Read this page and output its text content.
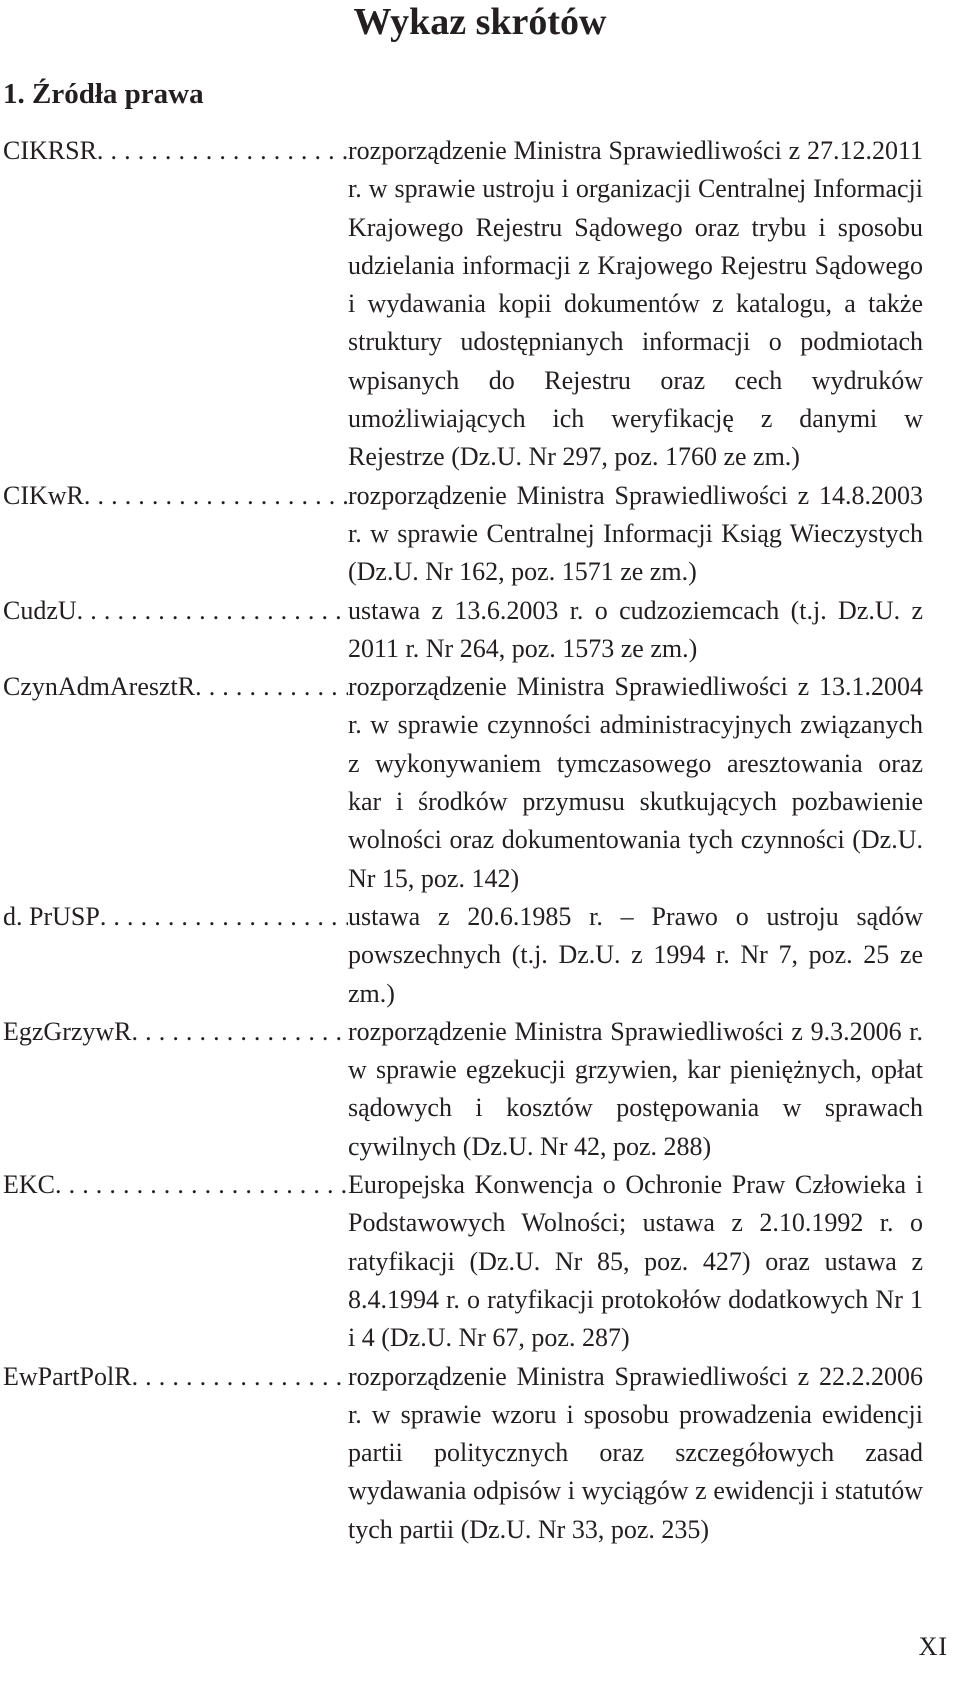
Wykaz skrótów
1. Źródła prawa
CIKRSR . . .	rozporządzenie Ministra Sprawiedliwości z 27.12.2011 r. w sprawie ustroju i organizacji Centralnej Informacji Krajowego Rejestru Sądowego oraz trybu i sposobu udzielania informacji z Krajowego Rejestru Sądowego i wydawania kopii dokumentów z katalogu, a także struktury udostępnianych informacji o podmiotach wpisanych do Rejestru oraz cech wydruków umożliwiających ich weryfikację z danymi w Rejestrze (Dz.U. Nr 297, poz. 1760 ze zm.)
CIKwR . . .	rozporządzenie Ministra Sprawiedliwości z 14.8.2003 r. w sprawie Centralnej Informacji Ksiąg Wieczystych (Dz.U. Nr 162, poz. 1571 ze zm.)
CudzU . . .	ustawa z 13.6.2003 r. o cudzoziemcach (t.j. Dz.U. z 2011 r. Nr 264, poz. 1573 ze zm.)
CzynAdmAresztR . . .	rozporządzenie Ministra Sprawiedliwości z 13.1.2004 r. w sprawie czynności administracyjnych związanych z wykonywaniem tymczasowego aresztowania oraz kar i środków przymusu skutkujących pozbawienie wolności oraz dokumentowania tych czynności (Dz.U. Nr 15, poz. 142)
d. PrUSP . . .	ustawa z 20.6.1985 r. – Prawo o ustroju sądów powszechnych (t.j. Dz.U. z 1994 r. Nr 7, poz. 25 ze zm.)
EgzGrzywR . . .	rozporządzenie Ministra Sprawiedliwości z 9.3.2006 r. w sprawie egzekucji grzywien, kar pieniężnych, opłat sądowych i kosztów postępowania w sprawach cywilnych (Dz.U. Nr 42, poz. 288)
EKC . . .	Europejska Konwencja o Ochronie Praw Człowieka i Podstawowych Wolności; ustawa z 2.10.1992 r. o ratyfikacji (Dz.U. Nr 85, poz. 427) oraz ustawa z 8.4.1994 r. o ratyfikacji protokołów dodatkowych Nr 1 i 4 (Dz.U. Nr 67, poz. 287)
EwPartPolR . . .	rozporządzenie Ministra Sprawiedliwości z 22.2.2006 r. w sprawie wzoru i sposobu prowadzenia ewidencji partii politycznych oraz szczegółowych zasad wydawania odpisów i wyciągów z ewidencji i statutów tych partii (Dz.U. Nr 33, poz. 235)
XI
